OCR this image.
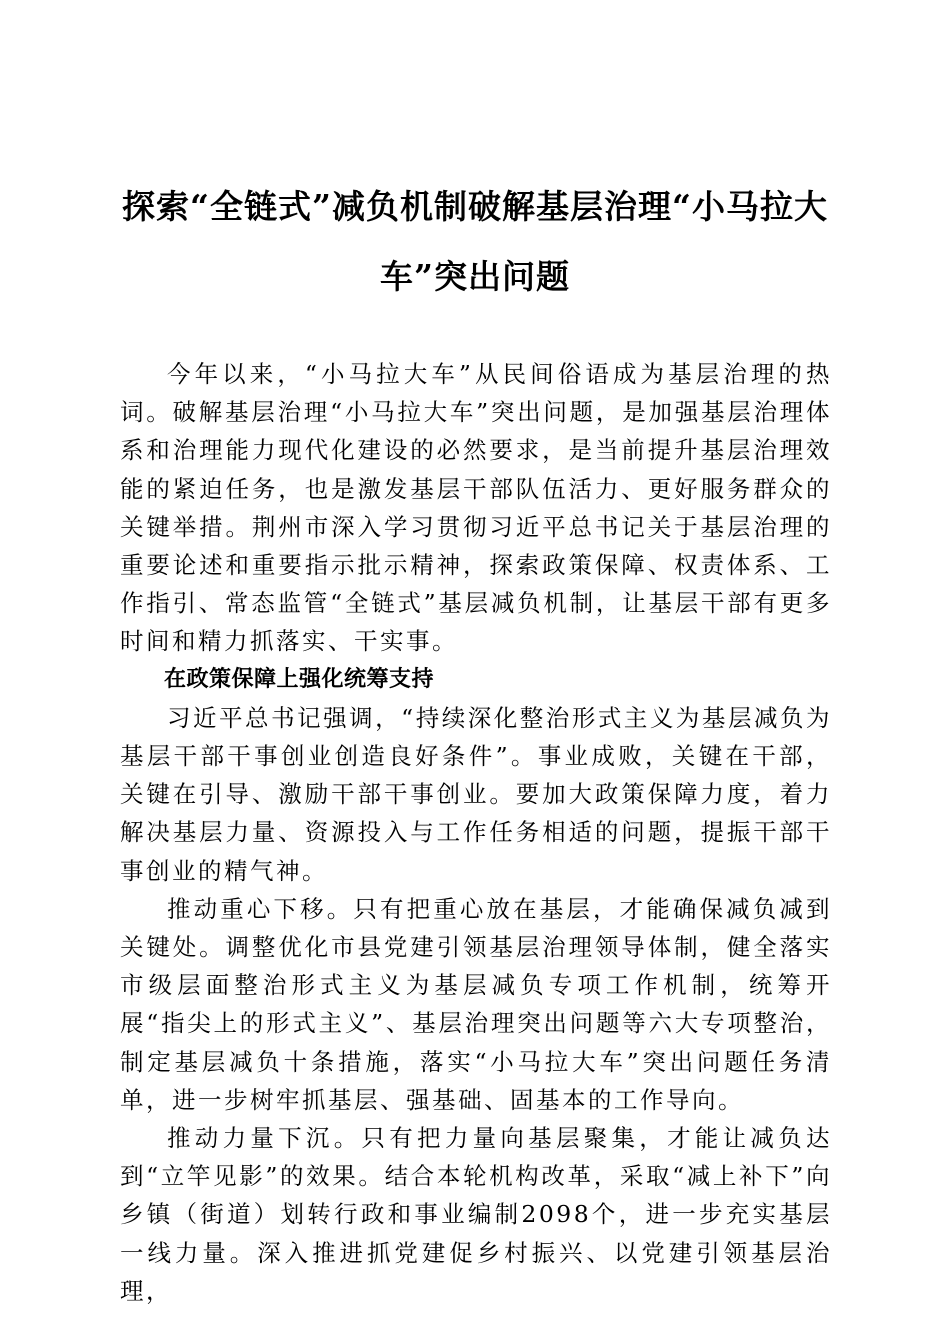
探索“全链式”减负机制破解基层治理“小马拉大车”突出问题

今年以来，“小马拉大车”从民间俗语成为基层治理的热词。破解基层治理“小马拉大车”突出问题，是加强基层治理体系和治理能力现代化建设的必然要求，是当前提升基层治理效能的紧迫任务，也是激发基层干部队伍活力、更好服务群众的关键举措。荆州市深入学习贯彻习近平总书记关于基层治理的重要论述和重要指示批示精神，探索政策保障、权责体系、工作指引、常态监管“全链式”基层减负机制，让基层干部有更多时间和精力抓落实、干实事。

在政策保障上强化统筹支持

习近平总书记强调，“持续深化整治形式主义为基层减负为基层干部干事创业创造良好条件”。事业成败，关键在干部，关键在引导、激励干部干事创业。要加大政策保障力度，着力解决基层力量、资源投入与工作任务相适的问题，提振干部干事创业的精气神。

推动重心下移。只有把重心放在基层，才能确保减负减到关键处。调整优化市县党建引领基层治理领导体制，健全落实市级层面整治形式主义为基层减负专项工作机制，统筹开展“指尖上的形式主义”、基层治理突出问题等六大专项整治，制定基层减负十条措施，落实“小马拉大车”突出问题任务清单，进一步树牢抓基层、强基础、固基本的工作导向。

推动力量下沉。只有把力量向基层聚集，才能让减负达到“立竿见影”的效果。结合本轮机构改革，采取“减上补下”向乡镇（街道）划转行政和事业编制2098个，进一步充实基层一线力量。深入推进抓党建促乡村振兴、以党建引领基层治理，
